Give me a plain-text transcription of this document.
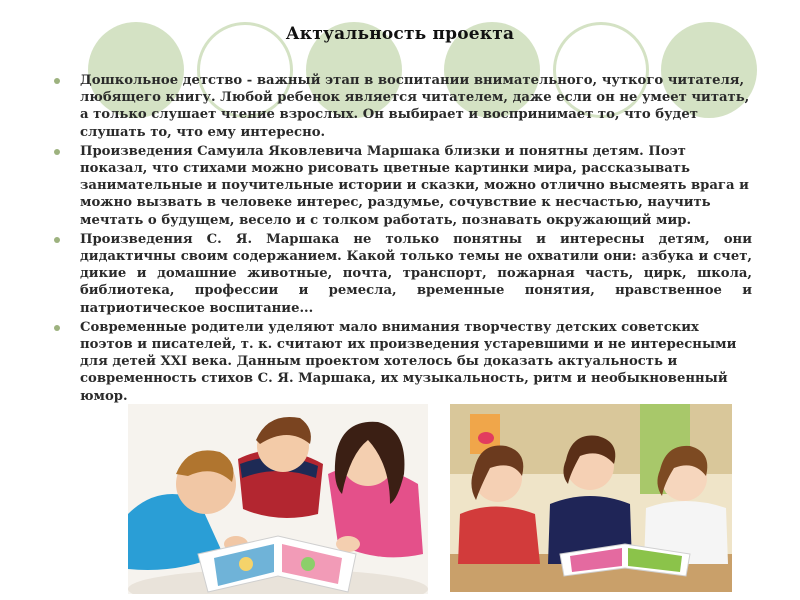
Актуальность проекта
Дошкольное детство - важный этап в воспитании внимательного, чуткого читателя, любящего книгу. Любой ребенок является читателем, даже если он не умеет читать, а только слушает чтение взрослых. Он выбирает и воспринимает то, что будет слушать то, что ему интересно.
Произведения Самуила Яковлевича Маршака близки и понятны детям. Поэт показал, что стихами можно рисовать цветные картинки мира, рассказывать занимательные и поучительные истории и сказки, можно отлично высмеять врага и можно вызвать в человеке интерес, раздумье, сочувствие к несчастью, научить мечтать о будущем, весело и с толком работать, познавать окружающий мир.
Произведения С. Я. Маршака не только понятны и интересны детям, они дидактичны своим содержанием. Какой только темы не охватили они: азбука и счет, дикие и домашние животные, почта, транспорт, пожарная часть, цирк, школа, библиотека, профессии и ремесла, временные понятия, нравственное и патриотическое воспитание...
Современные родители уделяют мало внимания творчеству детских советских поэтов и писателей, т. к. считают их произведения устаревшими и не интересными для детей XXI века. Данным проектом хотелось бы доказать актуальность и современность стихов С. Я. Маршака, их музыкальность, ритм и необыкновенный юмор.
